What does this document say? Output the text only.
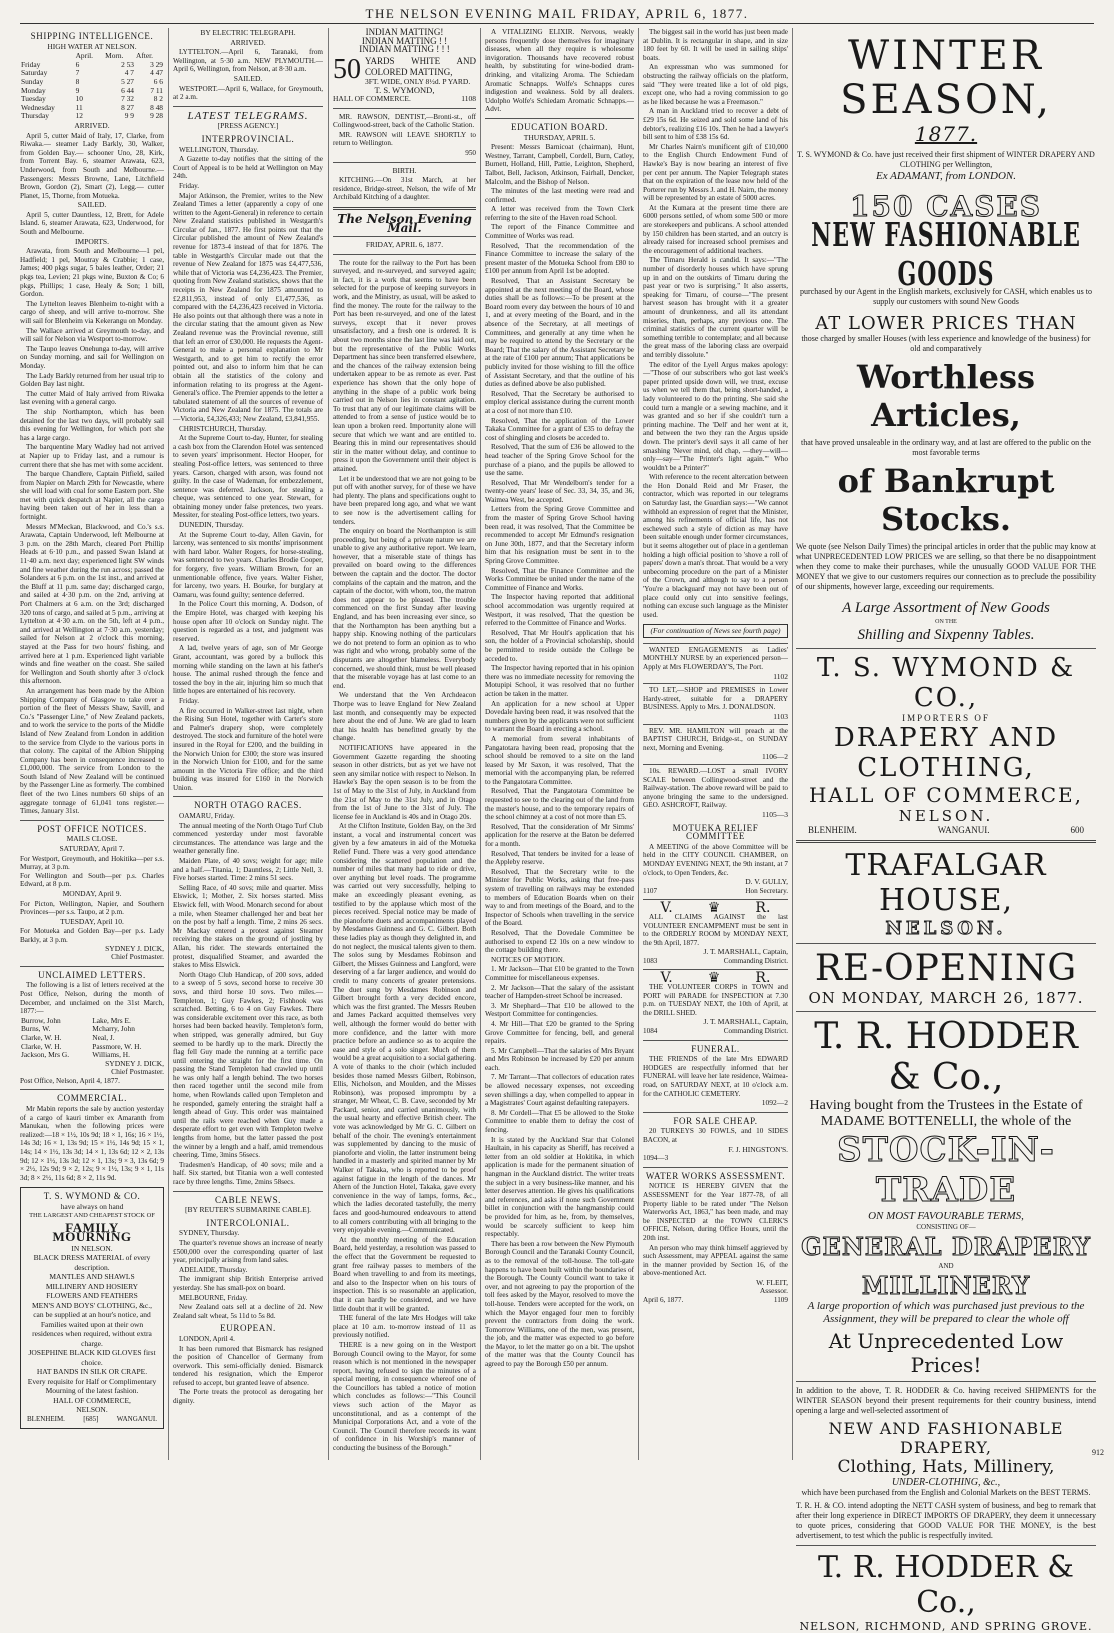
THE NELSON EVENING MAIL FRIDAY, APRIL 6, 1877.
SHIPPING INTELLIGENCE.
HIGH WATER AT NELSON.
	April.	Morn.	After.
Friday	6	2 53	3 29
Saturday	7	4 7	4 47
Sunday	8	5 27	6 6
Monday	9	6 44	7 11
Tuesday	10	7 32	8 2
Wednesday	11	8 27	8 48
Thursday	12	9 9	9 28
ARRIVED.

April 5, cutter Maid of Italy, 17, Clarke, from Riwaka.— steamer Lady Barkly, 30, Walker, from Golden Bay.— schooner Uno, 28, Kirk, from Torrent Bay. 6, steamer Arawata, 623, Underwood, from South and Melbourne.—Passengers: Messrs Browne, Lane, Litchfield Brown, Gordon (2), Smart (2), Legg.— cutter Planet, 15, Thorne, from Motueka.

SAILED.

April 5, cutter Dauntless, 12, Brett, for Adele Island. 6, steamer Arawata, 623, Underwood, for South and Melbourne.

IMPORTS.

Arawata, from South and Melbourne—1 pel, Hadfield; 1 pel, Moutray & Crabbie; 1 case, James; 400 pkgs sugar, 5 bales leather, Order; 21 pkgs tea, Levien; 21 pkgs wine, Buxton & Co; 6 pkgs, Phillips; 1 case, Healy & Son; 1 bill, Gordon.

The Lyttelton leaves Blenheim to-night with a cargo of sheep, and will arrive to-morrow. She will sail for Blenheim via Kekerangu on Monday.

The Wallace arrived at Greymouth to-day, and will sail for Nelson via Westport to-morrow.

The Taupo leaves Onehunga to-day, will arrive on Sunday morning, and sail for Wellington on Monday.

The Lady Barkly returned from her usual trip to Golden Bay last night.

The cutter Maid of Italy arrived from Riwaka last evening with a general cargo.

The ship Northampton, which has been detained for the last two days, will probably sail this evening for Wellington, for which port she has a large cargo.

The barquentine Mary Wadley had not arrived at Napier up to Friday last, and a rumour is current there that she has met with some accident.

The barque Chandlere, Captain Pitfield, sailed from Napier on March 29th for Newcastle, where she will load with coal for some Eastern port. She met with quick despatch at Napier, all the cargo having been taken out of her in less than a fortnight.

Messrs M'Meckan, Blackwood, and Co.'s s.s. Arawata, Captain Underwood, left Melbourne at 3 p.m. on the 28th March, cleared Port Phillip Heads at 6·10 p.m., and passed Swan Island at 11·40 a.m. next day; experienced light SW winds and fine weather during the run across; passed the Solanders at 6 p.m. on the 1st inst., and arrived at the Bluff at 11 p.m. same day; discharged cargo, and sailed at 4·30 p.m. on the 2nd, arriving at Port Chalmers at 6 a.m. on the 3rd; discharged 320 tons of cargo, and sailed at 5 p.m., arriving at Lyttelton at 4·30 a.m. on the 5th, left at 4 p.m., and arrived at Wellington at 7·30 a.m. yesterday; sailed for Nelson at 2 o'clock this morning, stayed at the Pass for two hours' fishing, and arrived here at 1 p.m. Experienced light variable winds and fine weather on the coast. She sailed for Wellington and South shortly after 3 o'clock this afternoon.

An arrangement has been made by the Albion Shipping Company of Glasgow to take over a portion of the fleet of Messrs Shaw, Savill, and Co.'s "Passenger Line," of New Zealand packets, and to work the service to the ports of the Middle Island of New Zealand from London in addition to the service from Clyde to the various ports in that colony. The capital of the Albion Shipping Company has been in consequence increased to £1,000,000. The service from London to the South Island of New Zealand will be continued by the Passenger Line as formerly. The combined fleet of the two Lines numbers 60 ships of an aggregate tonnage of 61,041 tons register.—Times, January 31st.

POST OFFICE NOTICES.
MAILS CLOSE.
SATURDAY, April 7.
For Westport, Greymouth, and Hokitika—per s.s. Murray, at 3 p.m.
For Wellington and South—per p.s. Charles Edward, at 8 p.m.
MONDAY, April 9.
For Picton, Wellington, Napier, and Southern Provinces—per s.s. Taupo, at 2 p.m.
TUESDAY, April 10.
For Motueka and Golden Bay—per p.s. Lady Barkly, at 3 p.m.
SYDNEY J. DICK,
Chief Postmaster.
UNCLAIMED LETTERS.

The following is a list of letters received at the Post Office, Nelson, during the month of December, and unclaimed on the 31st March, 1877:—

Burrow, John	Lake, Mrs E.
Burns, W.	Mcharry, John
Clarke, W. H.	Neal, J.
Clarke, W. H.	Passmore, W. H.
Jackson, Mrs G.	Williams, H.
SYDNEY J. DICK,
Chief Postmaster.
Post Office, Nelson, April 4, 1877.
COMMERCIAL.

Mr Mabin reports the sale by auction yesterday of a cargo of kauri timber ex Amaranth from Manukau, when the following prices were realized:—18 × 1½, 10s 9d; 18 × 1, 16s; 16 × 1½, 14s 3d; 16 × 1, 13s 9d; 15 × 1½, 14s 9d; 15 × 1, 14s; 14 × 1½, 13s 3d; 14 × 1, 13s 6d; 12 × 2, 13s 9d; 12 × 1½, 13s 3d; 12 × 1, 13s; 9 × 3, 13s 6d; 9 × 2½, 12s 9d; 9 × 2, 12s; 9 × 1½, 13s; 9 × 1, 11s 3d; 8 × 2½, 11s 6d; 8 × 2, 11s 9d.

T. S. WYMOND & CO.
have always on hand
THE LARGEST AND CHEAPEST STOCK OF
FAMILY MOURNING
IN NELSON.
BLACK DRESS MATERIAL of every description.
MANTLES AND SHAWLS
MILLINERY AND HOSIERY
FLOWERS AND FEATHERS
MEN'S AND BOYS' CLOTHING, &c., can be supplied at an hour's notice, and Families waited upon at their own residences when required, without extra charge.
JOSEPHINE BLACK KID GLOVES first choice.
HAT BANDS IN SILK OR CRAPE.
Every requisite for Half or Complimentary Mourning of the latest fashion.
HALL OF COMMERCE,
NELSON.
BLENHEIM.	[685]	WANGANUI.
BY ELECTRIC TELEGRAPH.
ARRIVED.

LYTTELTON.—April 6, Taranaki, from Wellington, at 5·30 a.m. NEW PLYMOUTH.—April 6, Wellington, from Nelson, at 8·30 a.m.

SAILED.

WESTPORT.—April 6, Wallace, for Greymouth, at 2 a.m.

LATEST TELEGRAMS.
[PRESS AGENCY.]
INTERPROVINCIAL.

WELLINGTON, Thursday.

A Gazette to-day notifies that the sitting of the Court of Appeal is to be held at Wellington on May 24th.

Friday.

Major Atkinson, the Premier, writes to the New Zealand Times a letter (apparently a copy of one written to the Agent-General) in reference to certain New Zealand statistics published in Westgarth's Circular of Jan., 1877. He first points out that the Circular published the amount of New Zealand's revenue for 1873-4 instead of that for 1876. The table in Westgarth's Circular made out that the revenue of New Zealand for 1875 was £4,477,536, while that of Victoria was £4,236,423. The Premier, quoting from New Zealand statistics, shows that the receipts in New Zealand for 1875 amounted to £2,811,953, instead of only £1,477,536, as compared with the £4,236,423 received in Victoria. He also points out that although there was a note in the circular stating that the amount given as New Zealand revenue was the Provincial revenue, still that left an error of £30,000. He requests the Agent-General to make a personal explanation to Mr Westgarth, and to get him to rectify the error pointed out, and also to inform him that he can obtain all the statistics of the colony and information relating to its progress at the Agent-General's office. The Premier appends to the letter a tabulated statement of all the sources of revenue of Victoria and New Zealand for 1875. The totals are—Victoria, £4,326,433; New Zealand, £3,841,955.

CHRISTCHURCH, Thursday.

At the Supreme Court to-day, Hunter, for stealing a cash box from the Clarendon Hotel was sentenced to seven years' imprisonment. Hector Hooper, for stealing Post-office letters, was sentenced to three years. Carson, charged with arson, was found not guilty. In the case of Wademan, for embezzlement, sentence was deferred. Jackson, for stealing a cheque, was sentenced to one year. Stewart, for obtaining money under false pretences, two years. Messiter, for stealing Post-office letters, two years.

DUNEDIN, Thursday.

At the Supreme Court to-day, Allen Gavin, for larceny, was sentenced to six months' imprisonment with hard labor. Walter Rogers, for horse-stealing, was sentenced to two years. Charles Brodie Cooper, for forgery, five years. William Brown, for an unmentionable offence, five years. Walter Fisher, for larceny, two years. H. Bourke, for burglary at Oamaru, was found guilty; sentence deferred.

In the Police Court this morning, A. Dodson, of the Empire Hotel, was charged with keeping his house open after 10 o'clock on Sunday night. The question is regarded as a test, and judgment was reserved.

A lad, twelve years of age, son of Mr George Grant, accountant, was gored by a bullock this morning while standing on the lawn at his father's house. The animal rushed through the fence and tossed the boy in the air, injuring him so much that little hopes are entertained of his recovery.

Friday.

A fire occurred in Walker-street last night, when the Rising Sun Hotel, together with Carter's store and Palmer's drapery shop, were completely destroyed. The stock and furniture of the hotel were insured in the Royal for £200, and the building in the Norwich Union for £300; the store was insured in the Norwich Union for £100, and for the same amount in the Victoria Fire office; and the third building was insured for £160 in the Norwich Union.

NORTH OTAGO RACES.

OAMARU, Friday.

The annual meeting of the North Otago Turf Club commenced yesterday under most favorable circumstances. The attendance was large and the weather generally fine.

Maiden Plate, of 40 sovs; weight for age; mile and a half.—Titania, 1; Dauntless, 2; Little Nell, 3. Five horses started. Time: 2 mins 51 secs.

Selling Race, of 40 sovs; mile and quarter. Miss Elswick, 1; Mother, 2. Six horses started. Miss Elswick fell, with Wood. Monarch second for about a mile, when Steamer challenged her and beat her on the post by half a length. Time, 2 mins 26 secs. Mr Mackay entered a protest against Steamer receiving the stakes on the ground of jostling by Allan, his rider. The stewards entertained the protest, disqualified Steamer, and awarded the stakes to Miss Elswick.

North Otago Club Handicap, of 200 sovs, added to a sweep of 5 sovs, second horse to receive 30 sovs, and third horse 10 sovs. Two miles.—Templeton, 1; Guy Fawkes, 2; Fishhook was scratched. Betting, 6 to 4 on Guy Fawkes. There was considerable excitement over this race, as both horses had been backed heavily. Templeton's form, when stripped, was generally admired, but Guy seemed to be hardly up to the mark. Directly the flag fell Guy made the running at a terrific pace until entering the straight for the first time. On passing the Stand Templeton had crawled up until he was only half a length behind. The two horses then raced together until the second mile from home, when Rowlands called upon Templeton and he responded, gamely entering the straight half a length ahead of Guy. This order was maintained until the rails were reached when Guy made a desperate effort to get even with Templeton twelve lengths from home, but the latter passed the post the winner by a length and a half, amid tremendous cheering. Time, 3mins 56secs.

Tradesmen's Handicap, of 40 sovs; mile and a half. Six started, but Titania won a well contested race by three lengths. Time, 2mins 58secs.

CABLE NEWS.
[BY REUTER'S SUBMARINE CABLE].
INTERCOLONIAL.

SYDNEY, Thursday.

The quarter's revenue shows an increase of nearly £500,000 over the corresponding quarter of last year, principally arising from land sales.

ADELAIDE, Thursday.

The immigrant ship British Enterprise arrived yesterday. She has small-pox on board.

MELBOURNE, Friday.

New Zealand oats sell at a decline of 2d. New Zealand salt wheat, 5s 11d to 5s 8d.

EUROPEAN.

LONDON, April 4.

It has been rumored that Bismarck has resigned the position of Chancellor of Germany from overwork. This semi-officially denied. Bismarck tendered his resignation, which the Emperor refused to accept, but granted leave of absence.

The Porte treats the protocol as derogating her dignity.

INDIAN MATTING!
INDIAN MATTING ! !
INDIAN MATTING ! ! !
50 YARDS WHITE AND COLORED MATTING,
3FT. WIDE, ONLY 8½d. P YARD.
T. S. WYMOND,
HALL OF COMMERCE.	1108

MR. RAWSON, DENTIST,—Bronti-st., off Collingwood-street, back of the Catholic Station.

MR. RAWSON will LEAVE SHORTLY to return to Wellington.

950
BIRTH.

KITCHING.—On 31st March, at her residence, Bridge-street, Nelson, the wife of Mr Archibald Kitching of a daughter.

The Nelson Evening Mail.
FRIDAY, APRIL 6, 1877.

The route for the railway to the Port has been surveyed, and re-surveyed, and surveyed again; in fact, it is a work that seems to have been selected for the purpose of keeping surveyors in work, and the Ministry, as usual, will be asked to find the money. The route for the railway to the Port has been re-surveyed, and one of the latest surveys, except that it never proves unsatisfactory, and a fresh one is ordered. It is about two months since the last line was laid out, but the representative of the Public Works Department has since been transferred elsewhere, and the chances of the railway extension being undertaken appear to be as remote as ever. Past experience has shown that the only hope of anything in the shape of a public work being carried out in Nelson lies in constant agitation. To trust that any of our legitimate claims will be attended to from a sense of justice would be to lean upon a broken reed. Importunity alone will secure that which we want and are entitled to. Bearing this in mind our representatives should stir in the matter without delay, and continue to press it upon the Government until their object is attained.

Let it be understood that we are not going to be put off with another survey, for of these we have had plenty. The plans and specifications ought to have been prepared long ago, and what we want to see now is the advertisement calling for tenders.

The enquiry on board the Northampton is still proceeding, but being of a private nature we are unable to give any authoritative report. We learn, however, that a miserable state of things has prevailed on board owing to the differences between the captain and the doctor. The doctor complains of the captain and the matron, and the captain of the doctor, with whom, too, the matron does not appear to be pleased. The trouble commenced on the first Sunday after leaving England, and has been increasing ever since, so that the Northampton has been anything but a happy ship. Knowing nothing of the particulars we do not pretend to form an opinion as to who was right and who wrong, probably some of the disputants are altogether blameless. Everybody concerned, we should think, must be well pleased that the miserable voyage has at last come to an end.

We understand that the Ven Archdeacon Thorpe was to leave England for New Zealand last month, and consequently may be expected here about the end of June. We are glad to learn that his health has benefitted greatly by the change.

NOTIFICATIONS have appeared in the Government Gazette regarding the shooting season in other districts, but as yet we have not seen any similar notice with respect to Nelson. In Hawke's Bay the open season is to be from the 1st of May to the 31st of July, in Auckland from the 21st of May to the 31st July, and in Otago from the 1st of June to the 31st of July. The license fee in Auckland is 40s and in Otago 20s.

At the Clifton Institute, Golden Bay, on the 3rd instant, a vocal and instrumental concert was given by a few amateurs in aid of the Motueka Relief Fund. There was a very good attendance considering the scattered population and the number of miles that many had to ride or drive, over anything but level roads. The programme was carried out very successfully, helping to make an exceedingly pleasant evening, as testified to by the applause which most of the pieces received. Special notice may be made of the pianoforte duets and accompaniments played by Mesdames Guinness and G. C. Gilbert. Both these ladies play as though they delighted in, and do not neglect, the musical talents given to them. The solos sung by Mesdames Robinson and Gilbert, the Misses Guinness and Langford, were deserving of a far larger audience, and would do credit to many concerts of greater pretensions. The duet sung by Mesdames Robinson and Gilbert brought forth a very decided encore, which was the first granted. The Messrs Reuben and James Packard acquitted themselves very well, although the former would do better with more confidence, and the latter with more practice before an audience so as to acquire the ease and style of a solo singer. Much of them would be a great acquisition to a social gathering. A vote of thanks to the choir (which included besides those named Messrs Gilbert, Robinson, Ellis, Nicholson, and Moulden, and the Misses Robinson), was proposed impromptu by a stranger, Mr Wheat, C. B. Cave, seconded by Mr Packard, senior, and carried unanimously, with the usual hearty and effective British cheer. The vote was acknowledged by Mr G. C. Gilbert on behalf of the choir. The evening's entertainment was supplemented by dancing to the music of pianoforte and violin, the latter instrument being handled in a masterly and spirited manner by Mr Walker of Takaka, who is reported to be proof against fatigue in the length of the dances. Mr Ahern of the Junction Hotel, Takaka, gave every convenience in the way of lamps, forms, &c., which the ladies decorated tastefully, the merry faces and good-humoured endeavours to attend to all comers contributing with all bringing to the very enjoyable evening.—Communicated.

At the monthly meeting of the Education Board, held yesterday, a resolution was passed to the effect that the Government be requested to grant free railway passes to members of the Board when travelling to and from its meetings, and also to the Inspector when on his tours of inspection. This is so reasonable an application, that it can hardly be considered, and we have little doubt that it will be granted.

THE funeral of the late Mrs Hodges will take place at 10 a.m. to-morrow instead of 11 as previously notified.

THERE is a new going on in the Westport Borough Council owing to the Mayor, for some reason which is not mentioned in the newspaper report, having refused to sign the minutes of a special meeting, in consequence whereof one of the Councillors has tabled a notice of motion which concludes as follows:—"This Council views such action of the Mayor as unconstitutional, and as a contempt of the Municipal Corporations Act, and a vote of the Council. The Council therefore records its want of confidence in his Worship's manner of conducting the business of the Borough."

A VITALIZING ELIXIR. Nervous, weakly persons frequently dose themselves for imaginary diseases, when all they require is wholesome invigoration. Thousands have recovered robust health, by substituting for wine-bodied dram-drinking, and vitalizing Aroma. The Schiedam Aromatic Schnapps. Wolfe's Schnapps cures indigestion and weakness. Sold by all dealers. Udolpho Wolfe's Schiedam Aromatic Schnapps.—Advt.

EDUCATION BOARD.
THURSDAY, APRIL 5.

Present: Messrs Barnicoat (chairman), Hunt, Westney, Tarrant, Campbell, Cordell, Burn, Catley, Burnett, Holland, Hill, Pattie, Leighton, Shepherd, Talbot, Bell, Jackson, Atkinson, Fairhall, Dencker, Malcolm, and the Bishop of Nelson.

The minutes of the last meeting were read and confirmed.

A letter was received from the Town Clerk referring to the site of the Haven road School.

The report of the Finance Committee and Committee of Works was read.

Resolved, That the recommendation of the Finance Committee to increase the salary of the present master of the Motueka School from £80 to £100 per annum from April 1st be adopted.

Resolved, That an Assistant Secretary be appointed at the next meeting of the Board, whose duties shall be as follows:—To be present at the Board room every day between the hours of 10 and 1, and at every meeting of the Board, and in the absence of the Secretary, at all meetings of Committees, and generally at any time when he may be required to attend by the Secretary or the Board; That the salary of the Assistant Secretary be at the rate of £100 per annum; That applications be publicly invited for those wishing to fill the office of Assistant Secretary, and that the outline of his duties as defined above be also published.

Resolved, That the Secretary be authorised to employ clerical assistance during the current month at a cost of not more than £10.

Resolved, That the application of the Lower Takaka Committee for a grant of £35 to defray the cost of shingling and closets be acceded to.

Resolved, That the sum of £36 be allowed to the head teacher of the Spring Grove School for the purchase of a piano, and the pupils be allowed to use the same.

Resolved, That Mr Wendelborn's tender for a twenty-one years' lease of Sec. 33, 34, 35, and 36, Waimea West, be accepted.

Letters from the Spring Grove Committee and from the master of Spring Grove School having been read, it was resolved, That the Committee be recommended to accept Mr Edmund's resignation on June 30th, 1877, and that the Secretary inform him that his resignation must be sent in to the Spring Grove Committee.

Resolved, That the Finance Committee and the Works Committee be united under the name of the Committee of Finance and Works.

The Inspector having reported that additional school accommodation was urgently required at Westport, it was resolved, That the question be referred to the Committee of Finance and Works.

Resolved, That Mr Hoult's application that his son, the holder of a Provincial scholarship, should be permitted to reside outside the College be acceded to.

The Inspector having reported that in his opinion there was no immediate necessity for removing the Motupipi School, it was resolved that no further action be taken in the matter.

An application for a new school at Upper Dovedale having been read, it was resolved that the numbers given by the applicants were not sufficient to warrant the Board in erecting a school.

A memorial from several inhabitants of Pangatotara having been read, proposing that the school should be removed to a site on the land leased by Mr Saxon, it was resolved, That the memorial with the accompanying plan, be referred to the Pangatotara Committee.

Resolved, That the Pangatotara Committee be requested to see to the clearing out of the land from the master's house, and to the temporary repairs of the school chimney at a cost of not more than £5.

Resolved, That the consideration of Mr Simms' application for the reserve at the Baton be deferred for a month.

Resolved, That tenders be invited for a lease of the Appleby reserve.

Resolved, That the Secretary write to the Minister for Public Works, asking that free-pass system of travelling on railways may be extended to members of Education Boards when on their way to and from meetings of the Board, and to the Inspector of Schools when travelling in the service of the Board.

Resolved, That the Dovedale Committee be authorised to expend £2 10s on a new window to the cottage building there.

NOTICES OF MOTION.

1. Mr Jackson—That £10 be granted to the Town Committee for miscellaneous expenses.

2. Mr Jackson—That the salary of the assistant teacher of Hampden-street School be increased.

3. Mr Shephard—That £10 be allowed to the Westport Committee for contingencies.

4. Mr Hill—That £20 be granted to the Spring Grove Committee for fencing, bell, and general repairs.

5. Mr Campbell—That the salaries of Mrs Bryant and Mrs Robinson be increased by £20 per annum each.

7. Mr Tarrant—That collectors of education rates be allowed necessary expenses, not exceeding seven shillings a day, when compelled to appear in a Magistrates' Court against defaulting ratepayers.

8. Mr Cordell—That £5 be allowed to the Stoke Committee to enable them to defray the cost of fencing.

It is stated by the Auckland Star that Colonel Haultain, in his capacity as Sheriff, has received a letter from an old soldier at Hokitika, in which application is made for the permanent situation of hangman in the Auckland district. The writer treats the subject in a very business-like manner, and his letter deserves attention. He gives his qualifications and references, and asks if none such Government billet in conjunction with the hangmanship could be provided for him, as he, from, by themselves, would be scarcely sufficient to keep him respectably.

There has been a row between the New Plymouth Borough Council and the Taranaki County Council, as to the removal of the toll-house. The toll-gate happens to have been built within the boundaries of the Borough. The County Council want to take it over, and not agreeing to pay the proportion of the toll fees asked by the Mayor, resolved to move the toll-house. Tenders were accepted for the work, on which the Mayor engaged four men to forcibly prevent the contractors from doing the work. Tomorrow Williams, one of the men, was present, the job, and the matter was expected to go before the Mayor, to let the matter go on a bit. The upshot of the matter was that the County Council has agreed to pay the Borough £50 per annum.

The biggest sail in the world has just been made at Dublin. It is rectangular in shape, and in size 180 feet by 60. It will be used in sailing ships' boats.

An expressman who was summoned for obstructing the railway officials on the platform, said "They were treated like a lot of old pigs, except one, who had a roving commission to go as he liked because he was a Freemason."

A man in Auckland tried to recover a debt of £29 15s 6d. He seized and sold some land of his debtor's, realizing £16 10s. Then he had a lawyer's bill sent to him of £38 15s 6d.

Mr Charles Nairn's munificent gift of £10,000 to the English Church Endowment Fund of Hawke's Bay is now bearing an interest of five per cent per annum. The Napier Telegraph states that on the expiration of the lease now held of the Porterer run by Messrs J. and H. Nairn, the money will be represented by an estate of 5000 acres.

At the Kumara at the present time there are 6000 persons settled, of whom some 500 or more are storekeepers and publicans. A school attended by 150 children has been started, and an outcry is already raised for increased school premises and the encouragement of additional teachers.

The Timaru Herald is candid. It says:—"The number of disorderly houses which have sprung up in and on the outskirts of Timaru during the past year or two is surprising." It also asserts, speaking for Timaru, of course—"The present harvest season has brought with it a greater amount of drunkenness, and all its attendant miseries, than, perhaps, any previous one. The criminal statistics of the current quarter will be something terrible to contemplate; and all because the great mass of the laboring class are overpaid and terribly dissolute."

The editor of the Lyell Argus makes apology:—"Those of our subscribers who got last week's paper printed upside down will, we trust, excuse us when we tell them that, being short-handed, a lady volunteered to do the printing. She said she could turn a mangle or a sewing machine, and it was granted and so her if she couldn't turn a printing machine. The 'Dell' and her went at it, and between the two they ran the Argus upside down. The printer's devil says it all came of her smashing 'Never mind, old chap, —they—will—only—say—"The Printer's light again."' Who wouldn't be a Printer?"

With reference to the recent altercation between the Hon Donald Reid and Mr Fraser, the contractor, which was reported in our telegrams on Saturday last, the Guardian says:—"We cannot withhold an expression of regret that the Minister, among his refinements of official life, has not eschewed such a style of diction as may have been suitable enough under former circumstances, but it seems altogether out of place in a gentleman holding a high official position to 'shove a roll of papers' down a man's throat. That would be a very unbecoming procedure on the part of a Minister of the Crown, and although to say to a person 'You're a blackguard' may not have been out of place could only cut into sensitive feelings, nothing can excuse such language as the Minister used.

(For continuation of News see fourth page)

WANTED ENGAGEMENTS as Ladies' MONTHLY NURSE by an experienced person—Apply at Mrs FLOWERDAY'S, The Port.

1102

TO LET,—SHOP and PREMISES in Lower Hardy-street, suitable for a DRAPERY BUSINESS. Apply to Mrs. J. DONALDSON.

1103

REV. MR. HAMILTON will preach at the BAPTIST CHURCH, Bridge-st., on SUNDAY next, Morning and Evening.

1106—2

10s. REWARD.—LOST a small IVORY SCALE between Collingwood-street and the Railway-station. The above reward will be paid to anyone bringing the same to the undersigned. GEO. ASHCROFT, Railway.

1105—3
MOTUEKA RELIEF COMMITTEE

A MEETING of the above Committee will be held in the CITY COUNCIL CHAMBER, on MONDAY EVENING NEXT, the 9th instant, at 7 o'clock, to Open Tenders, &c.

D. V. GULLY,
1107	Hon Secretary.
V.	♛	R.

ALL CLAIMS AGAINST the last VOLUNTEER ENCAMPMENT must be sent in to the ORDERLY ROOM by MONDAY NEXT, the 9th April, 1877.

J. T. MARSHALL, Captain,
1083	Commanding District.
V.	♛	R.

THE VOLUNTEER CORPS in TOWN and PORT will PARADE for INSPECTION at 7.30 p.m. on TUESDAY NEXT, the 10th of April, at the DRILL SHED.

J. T. MARSHALL, Captain,
1084	Commanding District.
FUNERAL.

THE FRIENDS of the late Mrs EDWARD HODGES are respectfully informed that her FUNERAL will leave her late residence, Waimea-road, on SATURDAY NEXT, at 10 o'clock a.m. for the CATHOLIC CEMETERY.

1092—2
FOR SALE CHEAP.

20 TURKEYS 30 FOWLS, and 10 SIDES BACON, at

F. J. HINGSTON'S.
1094—3
WATER WORKS ASSESSMENT.

NOTICE IS HEREBY GIVEN that the ASSESSMENT for the Year 1877-78, of all Property liable to be rated under "The Nelson Waterworks Act, 1863," has been made, and may be INSPECTED at the TOWN CLERK'S OFFICE, Nelson, during Office Hours, until the 20th inst.

An person who may think himself aggrieved by such Assessment, may APPEAL against the same in the manner provided by Section 16, of the above-mentioned Act.

W. FLEIT,
Assessor.
April 6, 1877.	1109
WINTER SEASON,
1877.
T. S. WYMOND & Co. have just received their first shipment of WINTER DRAPERY AND CLOTHING per Wellington,
Ex ADAMANT, from LONDON.
150 CASES
NEW FASHIONABLE GOODS
purchased by our Agent in the English markets, exclusively for CASH, which enables us to supply our customers with sound New Goods
AT LOWER PRICES THAN
those charged by smaller Houses (with less experience and knowledge of the business) for old and comparatively
Worthless Articles,
that have proved unsaleable in the ordinary way, and at last are offered to the public on the most favorable terms
of Bankrupt Stocks.
We quote (see Nelson Daily Times) the principal articles in order that the public may know at what UNPRECEDENTED LOW PRICES we are selling, so that there be no disappointment when they come to make their purchases, while the unusually GOOD VALUE FOR THE MONEY that we give to our customers requires our connection as to preclude the possibility of our shipments, however large, exceeding our requirements.
A Large Assortment of New Goods
ON THE
Shilling and Sixpenny Tables.
T. S. WYMOND & CO.,
IMPORTERS OF
DRAPERY AND CLOTHING,
HALL OF COMMERCE,
NELSON.
BLENHEIM.	WANGANUI.	600
TRAFALGAR HOUSE,
NELSON.
RE-OPENING
ON MONDAY, MARCH 26, 1877.
T. R. HODDER & Co.,
Having bought from the Trustees in the Estate of MADAME BOTTENELLI, the whole of the
STOCK-IN-TRADE
ON MOST FAVOURABLE TERMS,
CONSISTING OF—
GENERAL DRAPERY
AND
MILLINERY
A large proportion of which was purchased just previous to the Assignment, they will be prepared to clear the whole off
At Unprecedented Low Prices!
In addition to the above, T. R. HODDER & Co. having received SHIPMENTS for the WINTER SEASON beyond their present requirements for their country business, intend opening a large and well-selected assortment of
NEW AND FASHIONABLE DRAPERY,
Clothing, Hats, Millinery,
UNDER-CLOTHING, &c.,
which have been purchased from the English and Colonial Markets on the BEST TERMS.
T. R. H. & CO. intend adopting the NETT CASH system of business, and beg to remark that after their long experience in DIRECT IMPORTS OF DRAPERY, they deem it unnecessary to quote prices, considering that GOOD VALUE FOR THE MONEY, is the best advertisement, to test which the public is respectfully invited.
T. R. HODDER & Co.,
NELSON, RICHMOND, AND SPRING GROVE.
912
